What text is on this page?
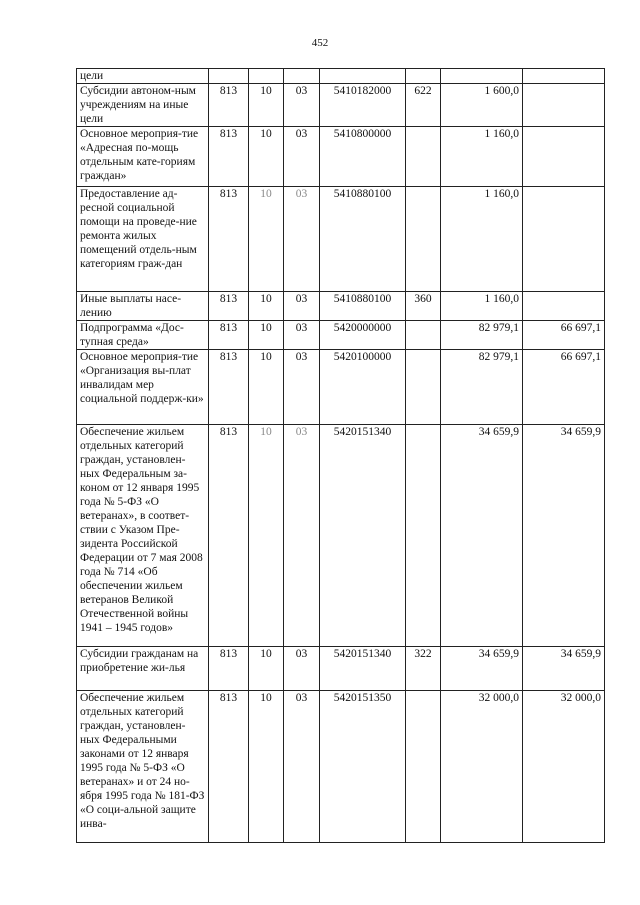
452
цели							
Субсидии автоном-ным учреждениям на иные цели	813	10	03	5410182000	622	1 600,0	
Основное мероприя-тие «Адресная по-мощь отдельным кате-гориям граждан»	813	10	03	5410800000		1 160,0	
Предоставление ад-ресной социальной помощи на проведе-ние ремонта жилых помещений отдель-ным категориям граж-дан	813	10	03	5410880100		1 160,0	
Иные выплаты насе-лению	813	10	03	5410880100	360	1 160,0	
Подпрограмма «Дос-тупная среда»	813	10	03	5420000000		82 979,1	66 697,1
Основное мероприя-тие «Организация вы-плат инвалидам мер социальной поддерж-ки»	813	10	03	5420100000		82 979,1	66 697,1
Обеспечение жильем отдельных категорий граждан, установлен-ных Федеральным за-коном от 12 января 1995 года № 5-ФЗ «О ветеранах», в соответ-ствии с Указом Пре-зидента Российской Федерации от 7 мая 2008 года № 714 «Об обеспечении жильем ветеранов Великой Отечественной войны 1941 – 1945 годов»	813	10	03	5420151340		34 659,9	34 659,9
Субсидии гражданам на приобретение жи-лья	813	10	03	5420151340	322	34 659,9	34 659,9
Обеспечение жильем отдельных категорий граждан, установлен-ных Федеральными законами от 12 января 1995 года № 5-ФЗ «О ветеранах» и от 24 но-ября 1995 года № 181-ФЗ «О соци-альной защите инва-	813	10	03	5420151350		32 000,0	32 000,0
